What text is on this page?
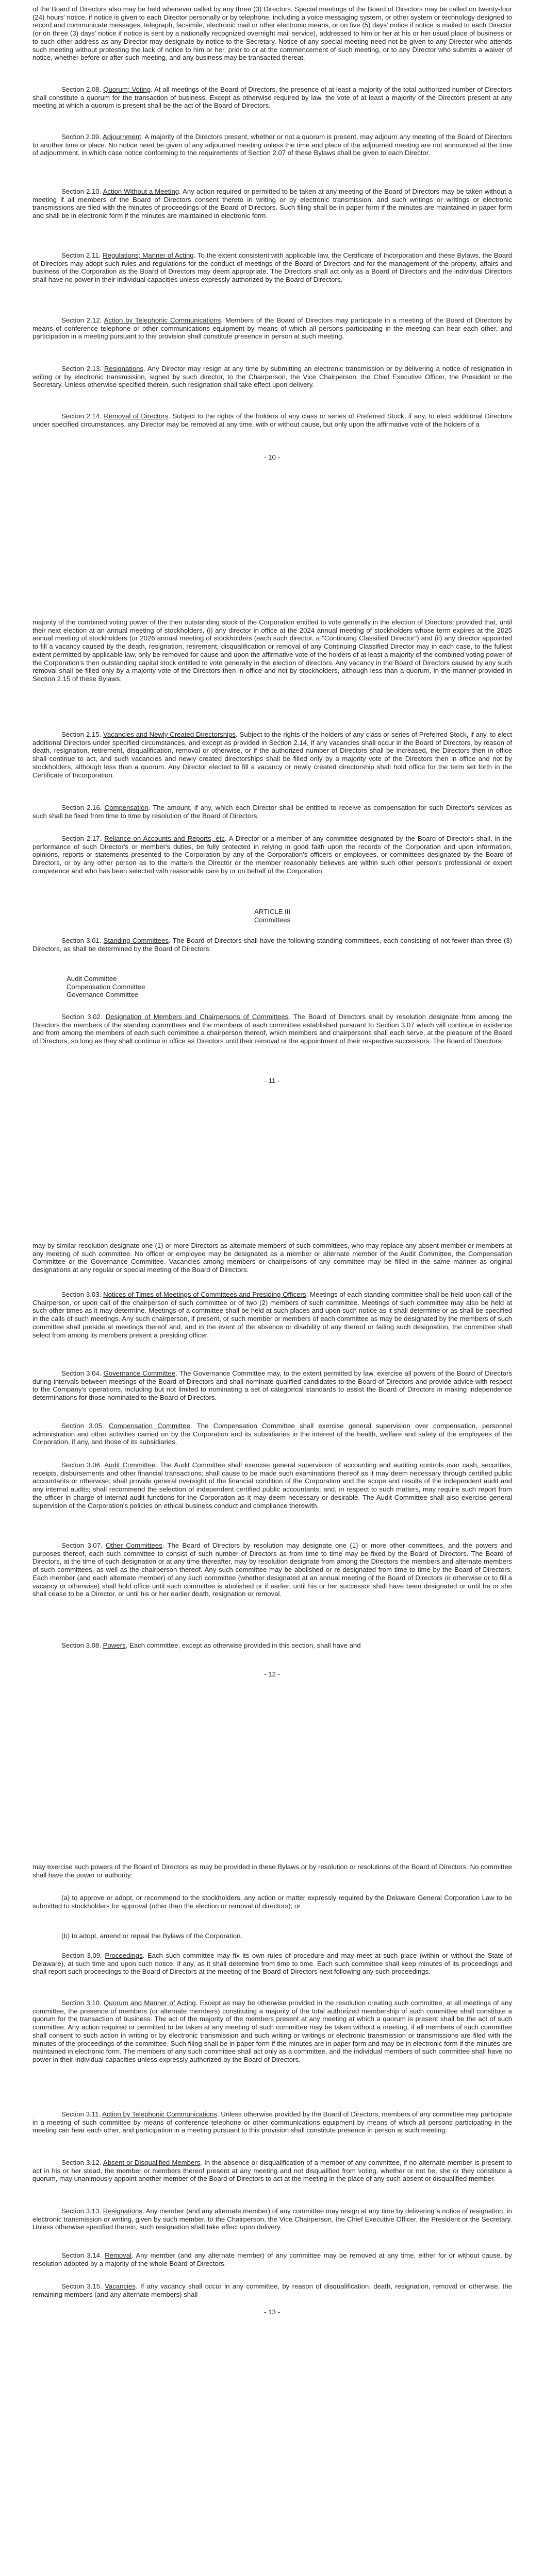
of the Board of Directors also may be held whenever called by any three (3) Directors. Special meetings of the Board of Directors may be called on twenty-four (24) hours' notice, if notice is given to each Director personally or by telephone, including a voice messaging system, or other system or technology designed to record and communicate messages, telegraph, facsimile, electronic mail or other electronic means, or on five (5) days' notice if notice is mailed to each Director (or on three (3) days' notice if notice is sent by a nationally recognized overnight mail service), addressed to him or her at his or her usual place of business or to such other address as any Director may designate by notice to the Secretary. Notice of any special meeting need not be given to any Director who attends such meeting without protesting the lack of notice to him or her, prior to or at the commencement of such meeting, or to any Director who submits a waiver of notice, whether before or after such meeting, and any business may be transacted thereat.

Section 2.08. Quorum; Voting. At all meetings of the Board of Directors, the presence of at least a majority of the total authorized number of Directors shall constitute a quorum for the transaction of business. Except as otherwise required by law, the vote of at least a majority of the Directors present at any meeting at which a quorum is present shall be the act of the Board of Directors.

Section 2.09. Adjournment. A majority of the Directors present, whether or not a quorum is present, may adjourn any meeting of the Board of Directors to another time or place. No notice need be given of any adjourned meeting unless the time and place of the adjourned meeting are not announced at the time of adjournment, in which case notice conforming to the requirements of Section 2.07 of these Bylaws shall be given to each Director.

Section 2.10. Action Without a Meeting. Any action required or permitted to be taken at any meeting of the Board of Directors may be taken without a meeting if all members of the Board of Directors consent thereto in writing or by electronic transmission, and such writings or writings or electronic transmissions are filed with the minutes of proceedings of the Board of Directors. Such filing shall be in paper form if the minutes are maintained in paper form and shall be in electronic form if the minutes are maintained in electronic form.

Section 2.11. Regulations; Manner of Acting. To the extent consistent with applicable law, the Certificate of Incorporation and these Bylaws, the Board of Directors may adopt such rules and regulations for the conduct of meetings of the Board of Directors and for the management of the property, affairs and business of the Corporation as the Board of Directors may deem appropriate. The Directors shall act only as a Board of Directors and the individual Directors shall have no power in their individual capacities unless expressly authorized by the Board of Directors.

Section 2.12. Action by Telephonic Communications. Members of the Board of Directors may participate in a meeting of the Board of Directors by means of conference telephone or other communications equipment by means of which all persons participating in the meeting can hear each other, and participation in a meeting pursuant to this provision shall constitute presence in person at such meeting.

Section 2.13. Resignations. Any Director may resign at any time by submitting an electronic transmission or by delivering a notice of resignation in writing or by electronic transmission, signed by such director, to the Chairperson, the Vice Chairperson, the Chief Executive Officer, the President or the Secretary. Unless otherwise specified therein, such resignation shall take effect upon delivery.

Section 2.14. Removal of Directors. Subject to the rights of the holders of any class or series of Preferred Stock, if any, to elect additional Directors under specified circumstances, any Director may be removed at any time, with or without cause, but only upon the affirmative vote of the holders of a

- 10 -

majority of the combined voting power of the then outstanding stock of the Corporation entitled to vote generally in the election of Directors; provided that, until their next election at an annual meeting of stockholders, (i) any director in office at the 2024 annual meeting of stockholders whose term expires at the 2025 annual meeting of stockholders (or 2026 annual meeting of stockholders (each such director, a "Continuing Classified Director") and (ii) any director appointed to fill a vacancy caused by the death, resignation, retirement, disqualification or removal of any Continuing Classified Director may in each case, to the fullest extent permitted by applicable law, only be removed for cause and upon the affirmative vote of the holders of at least a majority of the combined voting power of the Corporation's then outstanding capital stock entitled to vote generally in the election of directors. Any vacancy in the Board of Directors caused by any such removal shall be filled only by a majority vote of the Directors then in office and not by stockholders, although less than a quorum, in the manner provided in Section 2.15 of these Bylaws.

Section 2.15. Vacancies and Newly Created Directorships. Subject to the rights of the holders of any class or series of Preferred Stock, if any, to elect additional Directors under specified circumstances, and except as provided in Section 2.14, if any vacancies shall occur in the Board of Directors, by reason of death, resignation, retirement, disqualification, removal or otherwise, or if the authorized number of Directors shall be increased, the Directors then in office shall continue to act, and such vacancies and newly created directorships shall be filled only by a majority vote of the Directors then in office and not by stockholders, although less than a quorum. Any Director elected to fill a vacancy or newly created directorship shall hold office for the term set forth in the Certificate of Incorporation.

Section 2.16. Compensation. The amount, if any, which each Director shall be entitled to receive as compensation for such Director's services as such shall be fixed from time to time by resolution of the Board of Directors.

Section 2.17. Reliance on Accounts and Reports, etc. A Director or a member of any committee designated by the Board of Directors shall, in the performance of such Director's or member's duties, be fully protected in relying in good faith upon the records of the Corporation and upon information, opinions, reports or statements presented to the Corporation by any of the Corporation's officers or employees, or committees designated by the Board of Directors, or by any other person as to the matters the Director or the member reasonably believes are within such other person's professional or expert competence and who has been selected with reasonable care by or on behalf of the Corporation.

ARTICLE III
Committees

Section 3.01. Standing Committees. The Board of Directors shall have the following standing committees, each consisting of not fewer than three (3) Directors, as shall be determined by the Board of Directors:

Audit Committee
Compensation Committee
Governance Committee

Section 3.02. Designation of Members and Chairpersons of Committees. The Board of Directors shall by resolution designate from among the Directors the members of the standing committees and the members of each committee established pursuant to Section 3.07 which will continue in existence and from among the members of each such committee a chairperson thereof, which members and chairpersons shall each serve, at the pleasure of the Board of Directors, so long as they shall continue in office as Directors until their removal or the appointment of their respective successors. The Board of Directors

- 11 -

may by similar resolution designate one (1) or more Directors as alternate members of such committees, who may replace any absent member or members at any meeting of such committee. No officer or employee may be designated as a member or alternate member of the Audit Committee, the Compensation Committee or the Governance Committee. Vacancies among members or chairpersons of any committee may be filled in the same manner as original designations at any regular or special meeting of the Board of Directors.

Section 3.03. Notices of Times of Meetings of Committees and Presiding Officers. Meetings of each standing committee shall be held upon call of the Chairperson, or upon call of the chairperson of such committee or of two (2) members of such committee. Meetings of such committee may also be held at such other times as it may determine. Meetings of a committee shall be held at such places and upon such notice as it shall determine or as shall be specified in the calls of such meetings. Any such chairperson, if present, or such member or members of each committee as may be designated by the members of such committee shall preside at meetings thereof and, and in the event of the absence or disability of any thereof or failing such designation, the committee shall select from among its members present a presiding officer.

Section 3.04. Governance Committee. The Governance Committee may, to the extent permitted by law, exercise all powers of the Board of Directors during intervals between meetings of the Board of Directors and shall nominate qualified candidates to the Board of Directors and provide advice with respect to the Company's operations, including but not limited to nominating a set of categorical standards to assist the Board of Directors in making independence determinations for those nominated to the Board of Directors.

Section 3.05. Compensation Committee. The Compensation Committee shall exercise general supervision over compensation, personnel administration and other activities carried on by the Corporation and its subsidiaries in the interest of the health, welfare and safety of the employees of the Corporation, if any, and those of its subsidiaries.

Section 3.06. Audit Committee. The Audit Committee shall exercise general supervision of accounting and auditing controls over cash, securities, receipts, disbursements and other financial transactions; shall cause to be made such examinations thereof as it may deem necessary through certified public accountants or otherwise; shall provide general oversight of the financial condition of the Corporation and the scope and results of the independent audit and any internal audits; shall recommend the selection of independent certified public accountants; and, in respect to such matters, may require such report from the officer in charge of internal audit functions for the Corporation as it may deem necessary or desirable. The Audit Committee shall also exercise general supervision of the Corporation's policies on ethical business conduct and compliance therewith.

Section 3.07. Other Committees. The Board of Directors by resolution may designate one (1) or more other committees, and the powers and purposes thereof, each such committee to consist of such number of Directors as from time to time may be fixed by the Board of Directors. The Board of Directors, at the time of such designation or at any time thereafter, may by resolution designate from among the Directors the members and alternate members of such committees, as well as the chairperson thereof. Any such committee may be abolished or re-designated from time to time by the Board of Directors. Each member (and each alternate member) of any such committee (whether designated at an annual meeting of the Board of Directors or otherwise or to fill a vacancy or otherwise) shall hold office until such committee is abolished or if earlier, until his or her successor shall have been designated or until he or she shall cease to be a Director, or until his or her earlier death, resignation or removal.

Section 3.08. Powers. Each committee, except as otherwise provided in this section, shall have and

- 12 -

may exercise such powers of the Board of Directors as may be provided in these Bylaws or by resolution or resolutions of the Board of Directors. No committee shall have the power or authority:

(a) to approve or adopt, or recommend to the stockholders, any action or matter expressly required by the Delaware General Corporation Law to be submitted to stockholders for approval (other than the election or removal of directors); or

(b) to adopt, amend or repeal the Bylaws of the Corporation.

Section 3.09. Proceedings. Each such committee may fix its own rules of procedure and may meet at such place (within or without the State of Delaware), at such time and upon such notice, if any, as it shall determine from time to time. Each such committee shall keep minutes of its proceedings and shall report such proceedings to the Board of Directors at the meeting of the Board of Directors next following any such proceedings.

Section 3.10. Quorum and Manner of Acting. Except as may be otherwise provided in the resolution creating such committee, at all meetings of any committee, the presence of members (or alternate members) constituting a majority of the total authorized membership of such committee shall constitute a quorum for the transaction of business. The act of the majority of the members present at any meeting at which a quorum is present shall be the act of such committee. Any action required or permitted to be taken at any meeting of such committee may be taken without a meeting, if all members of such committee shall consent to such action in writing or by electronic transmission and such writing or writings or electronic transmission or transmissions are filed with the minutes of the proceedings of the committee. Such filing shall be in paper form if the minutes are in paper form and may be in electronic form if the minutes are maintained in electronic form. The members of any such committee shall act only as a committee, and the individual members of such committee shall have no power in their individual capacities unless expressly authorized by the Board of Directors.

Section 3.11. Action by Telephonic Communications. Unless otherwise provided by the Board of Directors, members of any committee may participate in a meeting of such committee by means of conference telephone or other communications equipment by means of which all persons participating in the meeting can hear each other, and participation in a meeting pursuant to this provision shall constitute presence in person at such meeting.

Section 3.12. Absent or Disqualified Members. In the absence or disqualification of a member of any committee, if no alternate member is present to act in his or her stead, the member or members thereof present at any meeting and not disqualified from voting, whether or not he, she or they constitute a quorum, may unanimously appoint another member of the Board of Directors to act at the meeting in the place of any such absent or disqualified member.

Section 3.13. Resignations. Any member (and any alternate member) of any committee may resign at any time by delivering a notice of resignation, in electronic transmission or writing, given by such member, to the Chairperson, the Vice Chairperson, the Chief Executive Officer, the President or the Secretary. Unless otherwise specified therein, such resignation shall take effect upon delivery.

Section 3.14. Removal. Any member (and any alternate member) of any committee may be removed at any time, either for or without cause, by resolution adopted by a majority of the whole Board of Directors.

Section 3.15. Vacancies. If any vacancy shall occur in any committee, by reason of disqualification, death, resignation, removal or otherwise, the remaining members (and any alternate members) shall

- 13 -
